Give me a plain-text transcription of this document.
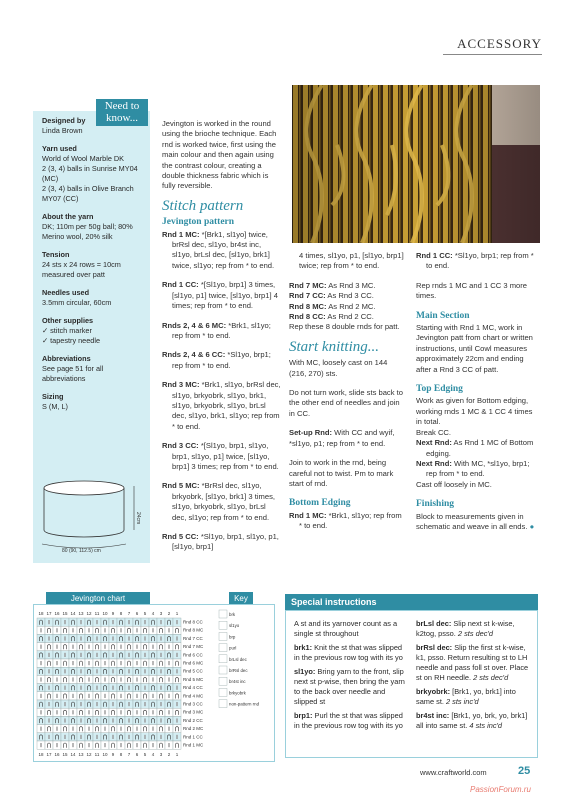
ACCESSORY
Need to know...

Designed by

Linda Brown

Yarn used

World of Wool Marble DK

2 (3, 4) balls in Sunrise MY04 (MC)

2 (3, 4) balls in Olive Branch MY07 (CC)

About the yarn

DK; 110m per 50g ball; 80% Merino wool, 20% silk

Tension

24 sts x 24 rows = 10cm measured over patt

Needles used

3.5mm circular, 60cm

Other supplies

✓ stitch marker

✓ tapestry needle

Abbreviations

See page 51 for all abbreviations

Sizing

S (M, L)

24cm
80 (90, 112.5) cm

Jevington is worked in the round using the brioche technique. Each rnd is worked twice, first using the main colour and then again using the contrast colour, creating a double thickness fabric which is fully reversible.

Stitch pattern
Jevington pattern

Rnd 1 MC: *[Brk1, sl1yo] twice, brRsl dec, sl1yo, br4st inc, sl1yo, brLsl dec, [sl1yo, brk1] twice, sl1yo; rep from * to end.

Rnd 1 CC: *[Sl1yo, brp1] 3 times, [sl1yo, p1] twice, [sl1yo, brp1] 4 times; rep from * to end.

Rnds 2, 4 & 6 MC: *Brk1, sl1yo; rep from * to end.

Rnds 2, 4 & 6 CC: *Sl1yo, brp1; rep from * to end.

Rnd 3 MC: *Brk1, sl1yo, brRsl dec, sl1yo, brkyobrk, sl1yo, brk1, sl1yo, brkyobrk, sl1yo, brLsl dec, sl1yo, brk1, sl1yo; rep from * to end.

Rnd 3 CC: *[Sl1yo, brp1, sl1yo, brp1, sl1yo, p1] twice, [sl1yo, brp1] 3 times; rep from * to end.

Rnd 5 MC: *BrRsl dec, sl1yo, brkyobrk, [sl1yo, brk1] 3 times, sl1yo, brkyobrk, sl1yo, brLsl dec, sl1yo; rep from * to end.

Rnd 5 CC: *Sl1yo, brp1, sl1yo, p1, [sl1yo, brp1]

4 times, sl1yo, p1, [sl1yo, brp1] twice; rep from * to end.

Rnd 7 MC: As Rnd 3 MC.

Rnd 7 CC: As Rnd 3 CC.

Rnd 8 MC: As Rnd 2 MC.

Rnd 8 CC: As Rnd 2 CC.

Rep these 8 double rnds for patt.

Start knitting...

With MC, loosely cast on 144 (216, 270) sts.

Do not turn work, slide sts back to the other end of needles and join in CC.

Set-up Rnd: With CC and wyif, *sl1yo, p1; rep from * to end.

Join to work in the rnd, being careful not to twist. Pm to mark start of rnd.

Bottom Edging

Rnd 1 MC: *Brk1, sl1yo; rep from * to end.

Rnd 1 CC: *Sl1yo, brp1; rep from * to end.

Rep rnds 1 MC and 1 CC 3 more times.

Main Section

Starting with Rnd 1 MC, work in Jevington patt from chart or written instructions, until Cowl measures approximately 22cm and ending after a Rnd 3 CC of patt.

Top Edging

Work as given for Bottom edging, working rnds 1 MC & 1 CC 4 times in total.

Break CC.

Next Rnd: As Rnd 1 MC of Bottom edging.

Next Rnd: With MC, *sl1yo, brp1; rep from * to end.

Cast off loosely in MC.

Finishing

Block to measurements given in schematic and weave in all ends. ●

Jevington chart	Key
18 17 16 15 14 13 12 11 10 9 8 7 6 5 4 3 2 1
Rnd 8 CC
Rnd 8 MC
Rnd 7 CC
Rnd 7 MC
Rnd 6 CC
Rnd 6 MC
Rnd 5 CC
Rnd 5 MC
Rnd 4 CC
Rnd 4 MC
Rnd 3 CC
Rnd 3 MC
Rnd 2 CC
Rnd 2 MC
Rnd 1 CC
Rnd 1 MC
18 17 16 15 14 13 12 11 10 9 8 7 6 5 4 3 2 1
brk
sl1yo
brp
purl
brLsl dec
brRsl dec
br4st inc
brkyobrk
non-pattern rnd
Special instructions

A st and its yarnover count as a single st throughout

brk1: Knit the st that was slipped in the previous row tog with its yo

sl1yo: Bring yarn to the front, slip next st p-wise, then bring the yarn to the back over needle and slipped st

brp1: Purl the st that was slipped in the previous row tog with its yo

brLsl dec: Slip next st k-wise, k2tog, psso. 2 sts dec'd

brRsl dec: Slip the first st k-wise, k1, psso. Return resulting st to LH needle and pass foll st over. Place st on RH needle. 2 sts dec'd

brkyobrk: [Brk1, yo, brk1] into same st. 2 sts inc'd

br4st inc: [Brk1, yo, brk, yo, brk1] all into same st. 4 sts inc'd

www.craftworld.com	25
PassionForum.ru
